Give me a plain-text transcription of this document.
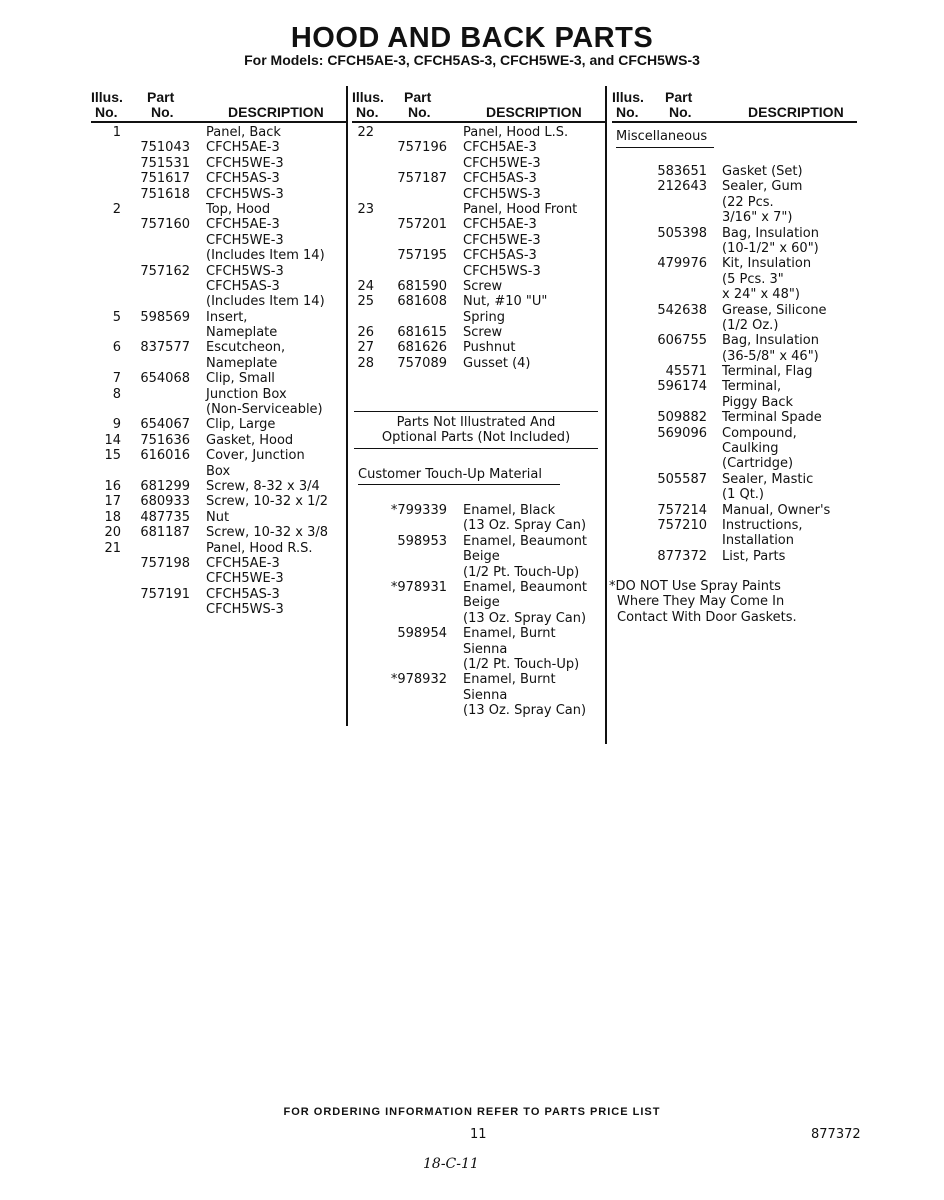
HOOD AND BACK PARTS
For Models: CFCH5AE-3, CFCH5AS-3, CFCH5WE-3, and CFCH5WS-3
Illus.
No.
Part
No.	DESCRIPTION
Illus.
No.
Part
No.	DESCRIPTION
Illus.
No.
Part
No.	DESCRIPTION
1	Panel, Back
751043 CFCH5AE-3
751531 CFCH5WE-3
751617 CFCH5AS-3
751618 CFCH5WS-3
2	Top, Hood
757160 CFCH5AE-3
CFCH5WE-3
(Includes Item 14)
757162 CFCH5WS-3
CFCH5AS-3
(Includes Item 14)
5	598569 Insert,
Nameplate
6	837577 Escutcheon,
Nameplate
7	654068 Clip, Small
8	Junction Box
(Non-Serviceable)
9	654067 Clip, Large
14	751636 Gasket, Hood
15	616016 Cover, Junction
Box
16	681299 Screw, 8-32 x 3/4
17	680933 Screw, 10-32 x 1/2
18	487735 Nut
20	681187 Screw, 10-32 x 3/8
21	Panel, Hood R.S.
757198 CFCH5AE-3
CFCH5WE-3
757191 CFCH5AS-3
CFCH5WS-3
22	Panel, Hood L.S.
757196 CFCH5AE-3
CFCH5WE-3
757187 CFCH5AS-3
CFCH5WS-3
23	Panel, Hood Front
757201 CFCH5AE-3
CFCH5WE-3
757195 CFCH5AS-3
CFCH5WS-3
24	681590 Screw
25	681608 Nut, #10 "U"
Spring
26	681615 Screw
27	681626 Pushnut
28	757089 Gusset (4)
Parts Not Illustrated And
Optional Parts (Not Included)
Customer Touch-Up Material
*799339 Enamel, Black
(13 Oz. Spray Can)
598953 Enamel, Beaumont
Beige
(1/2 Pt. Touch-Up)
*978931 Enamel, Beaumont
Beige
(13 Oz. Spray Can)
598954 Enamel, Burnt
Sienna
(1/2 Pt. Touch-Up)
*978932 Enamel, Burnt
Sienna
(13 Oz. Spray Can)
Miscellaneous
583651 Gasket (Set)
212643 Sealer, Gum
(22 Pcs.
3/16" x 7")
505398 Bag, Insulation
(10-1/2" x 60")
479976 Kit, Insulation
(5 Pcs. 3"
x 24" x 48")
542638 Grease, Silicone
(1/2 Oz.)
606755 Bag, Insulation
(36-5/8" x 46")
45571 Terminal, Flag
596174 Terminal,
Piggy Back
509882 Terminal Spade
569096 Compound,
Caulking
(Cartridge)
505587 Sealer, Mastic
(1 Qt.)
757214 Manual, Owner's
757210 Instructions,
Installation
877372 List, Parts
*DO NOT Use Spray Paints
Where They May Come In
Contact With Door Gaskets.
FOR ORDERING INFORMATION REFER TO PARTS PRICE LIST
11	877372
18-C-11
